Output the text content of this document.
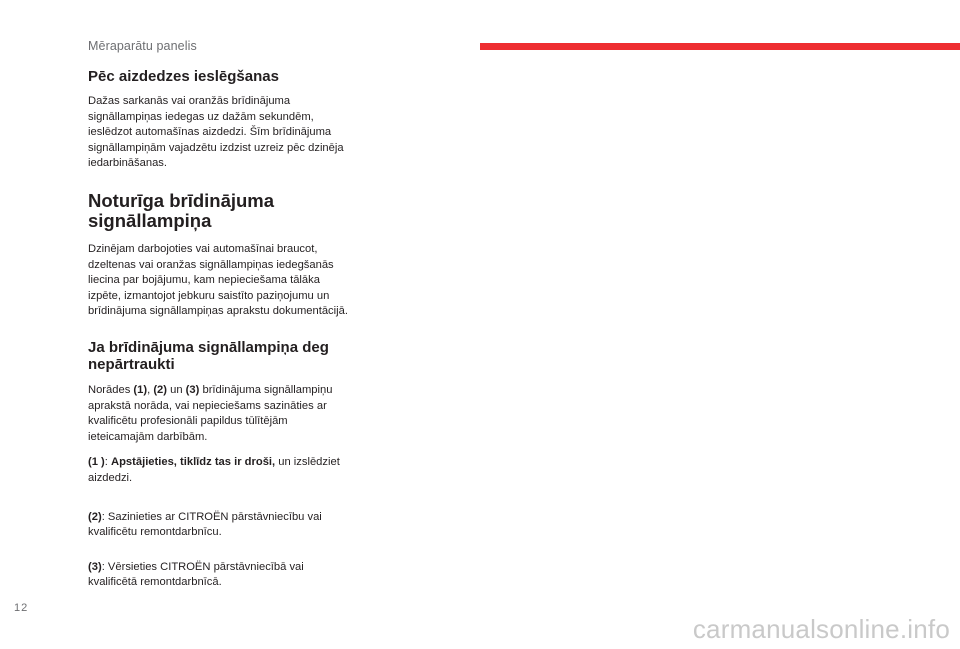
Mēraparātu panelis
Pēc aizdedzes ieslēgšanas

Dažas sarkanās vai oranžās brīdinājuma signāllampiņas iedegas uz dažām sekundēm, ieslēdzot automašīnas aizdedzi. Šīm brīdinājuma signāllampiņām vajadzētu izdzist uzreiz pēc dzinēja iedarbināšanas.

Noturīga brīdinājuma signāllampiņa

Dzinējam darbojoties vai automašīnai braucot, dzeltenas vai oranžas signāllampiņas iedegšanās liecina par bojājumu, kam nepieciešama tālāka izpēte, izmantojot jebkuru saistīto paziņojumu un brīdinājuma signāllampiņas aprakstu dokumentācijā.

Ja brīdinājuma signāllampiņa deg nepārtraukti

Norādes (1), (2) un (3) brīdinājuma signāllampiņu aprakstā norāda, vai nepieciešams sazināties ar kvalificētu profesionāli papildus tūlītējām ieteicamajām darbībām.

(1 ): Apstājieties, tiklīdz tas ir droši, un izslēdziet aizdedzi.

(2): Sazinieties ar CITROËN pārstāvniecību vai kvalificētu remontdarbnīcu.

(3): Vērsieties CITROËN pārstāvniecībā vai kvalificētā remontdarbnīcā.

12
carmanualsonline.info
